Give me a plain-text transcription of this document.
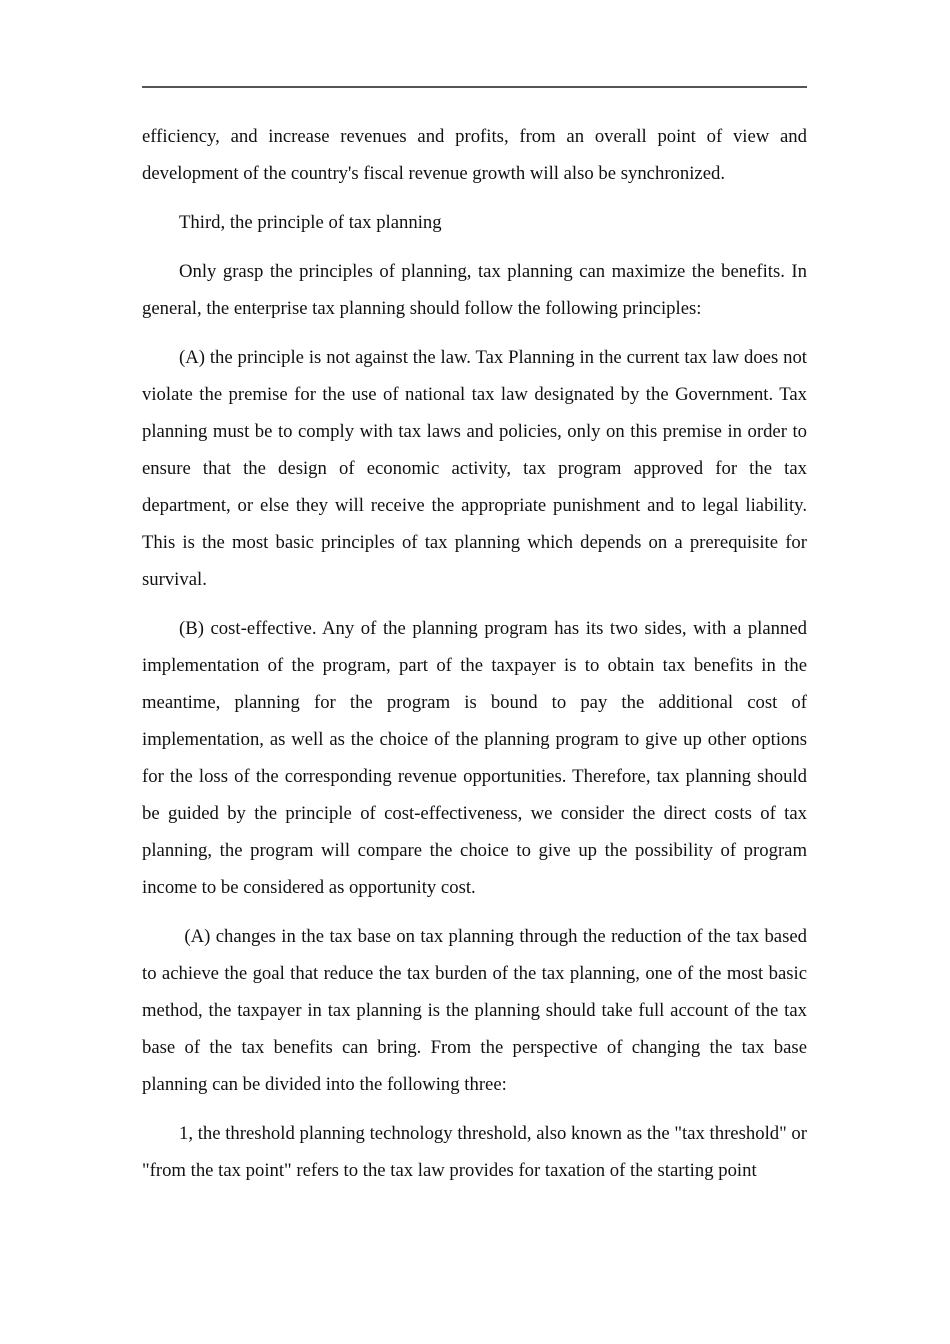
efficiency, and increase revenues and profits, from an overall point of view and development of the country's fiscal revenue growth will also be synchronized.

Third, the principle of tax planning

Only grasp the principles of planning, tax planning can maximize the benefits. In general, the enterprise tax planning should follow the following principles:

(A) the principle is not against the law. Tax Planning in the current tax law does not violate the premise for the use of national tax law designated by the Government. Tax planning must be to comply with tax laws and policies, only on this premise in order to ensure that the design of economic activity, tax program approved for the tax department, or else they will receive the appropriate punishment and to legal liability. This is the most basic principles of tax planning which depends on a prerequisite for survival.

(B) cost-effective. Any of the planning program has its two sides, with a planned implementation of the program, part of the taxpayer is to obtain tax benefits in the meantime, planning for the program is bound to pay the additional cost of implementation, as well as the choice of the planning program to give up other options for the loss of the corresponding revenue opportunities. Therefore, tax planning should be guided by the principle of cost-effectiveness, we consider the direct costs of tax planning, the program will compare the choice to give up the possibility of program income to be considered as opportunity cost.

(A) changes in the tax base on tax planning through the reduction of the tax based to achieve the goal that reduce the tax burden of the tax planning, one of the most basic method, the taxpayer in tax planning is the planning should take full account of the tax base of the tax benefits can bring. From the perspective of changing the tax base planning can be divided into the following three:

1, the threshold planning technology threshold, also known as the "tax threshold" or "from the tax point" refers to the tax law provides for taxation of the starting point
